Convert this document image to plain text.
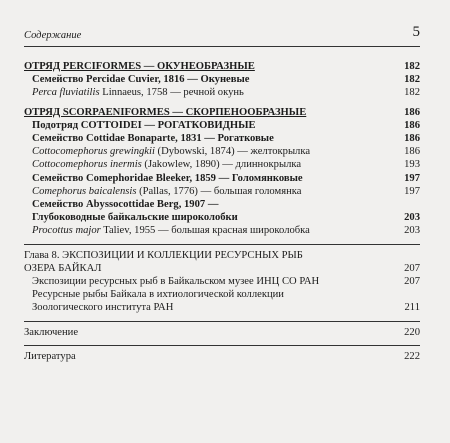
Содержание	5
ОТРЯД PERCIFORMES — ОКУНЕОБРАЗНЫЕ	182
Семейство Percidae Cuvier, 1816 — Окуневые	182
Perca fluviatilis Linnaeus, 1758 — речной окунь	182
ОТРЯД SCORPAENIFORMES — СКОРПЕНООБРАЗНЫЕ	186
Подотряд COTTOIDEI — РОГАТКОВИДНЫЕ	186
Семейство Cottidae Bonaparte, 1831 — Рогатковые	186
Cottocomephorus grewingkii (Dybowski, 1874) — желтокрылка	186
Cottocomephorus inermis (Jakowlew, 1890) — длиннокрылка	193
Семейство Comephoridae Bleeker, 1859 — Голомянковые	197
Comephorus baicalensis (Pallas, 1776) — большая голомянка	197
Семейство Abyssocottidae Berg, 1907 —
Глубоководные байкальские широколобки	203
Procottus major Taliev, 1955 — большая красная широколобка	203
Глава 8. ЭКСПОЗИЦИИ И КОЛЛЕКЦИИ РЕСУРСНЫХ РЫБ
ОЗЕРА БАЙКАЛ	207
Экспозиции ресурсных рыб в Байкальском музее ИНЦ СО РАН	207
Ресурсные рыбы Байкала в ихтиологической коллекции
Зоологического института РАН	211
Заключение	220
Литература	222
